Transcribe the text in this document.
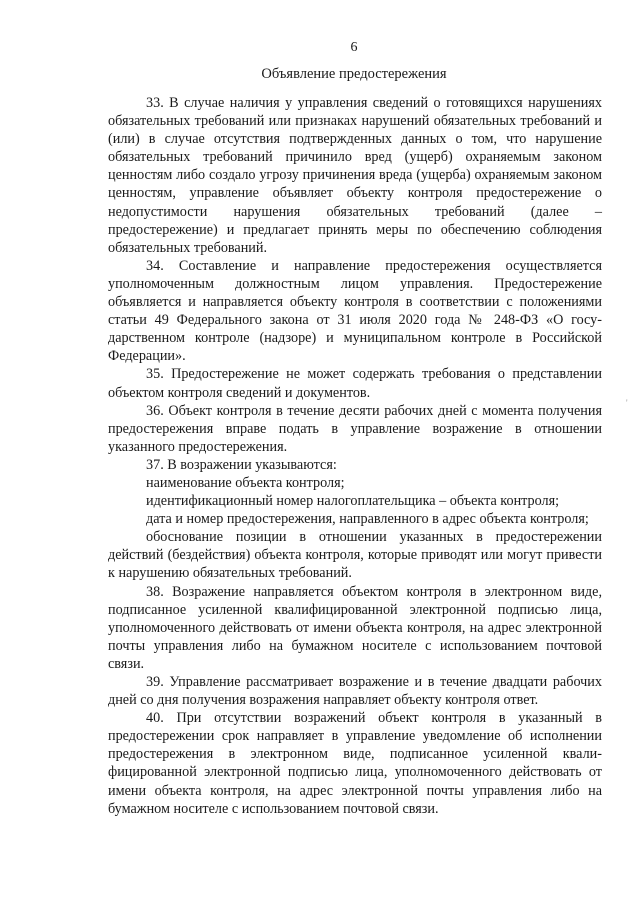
6
Объявление предостережения

33. В случае наличия у управления сведений о готовящихся нарушениях обязательных требований или признаках нарушений обязательных требований и (или) в случае отсутствия подтвержденных данных о том, что нарушение обязательных требований причинило вред (ущерб) охраняемым законом ценностям либо создало угрозу причинения вреда (ущерба) охраняемым законом ценностям, управление объявляет объекту контроля предостережение о недопустимости нарушения обязательных требований (далее – предостережение) и предлагает принять меры по обеспечению соблюдения обязательных требований.

34. Составление и направление предостережения осуществляется уполномоченным должностным лицом управления. Предостережение объявляется и направляется объекту контроля в соответствии с положениями статьи 49 Федерального закона от 31 июля 2020 года № 248-ФЗ «О государственном контроле (надзоре) и муниципальном контроле в Российской Федерации».

35. Предостережение не может содержать требования о представлении объектом контроля сведений и документов.

36. Объект контроля в течение десяти рабочих дней с момента получения предостережения вправе подать в управление возражение в отношении указанного предостережения.

37. В возражении указываются:

наименование объекта контроля;

идентификационный номер налогоплательщика – объекта контроля;

дата и номер предостережения, направленного в адрес объекта контроля;

обоснование позиции в отношении указанных в предостережении действий (бездействия) объекта контроля, которые приводят или могут привести к нарушению обязательных требований.

38. Возражение направляется объектом контроля в электронном виде, подписанное усиленной квалифицированной электронной подписью лица, уполномоченного действовать от имени объекта контроля, на адрес электронной почты управления либо на бумажном носителе с использованием почтовой связи.

39. Управление рассматривает возражение и в течение двадцати рабочих дней со дня получения возражения направляет объекту контроля ответ.

40. При отсутствии возражений объект контроля в указанный в предостережении срок направляет в управление уведомление об исполнении предостережения в электронном виде, подписанное усиленной квалифицированной электронной подписью лица, уполномоченного действовать от имени объекта контроля, на адрес электронной почты управления либо на бумажном носителе с использованием почтовой связи.

'
